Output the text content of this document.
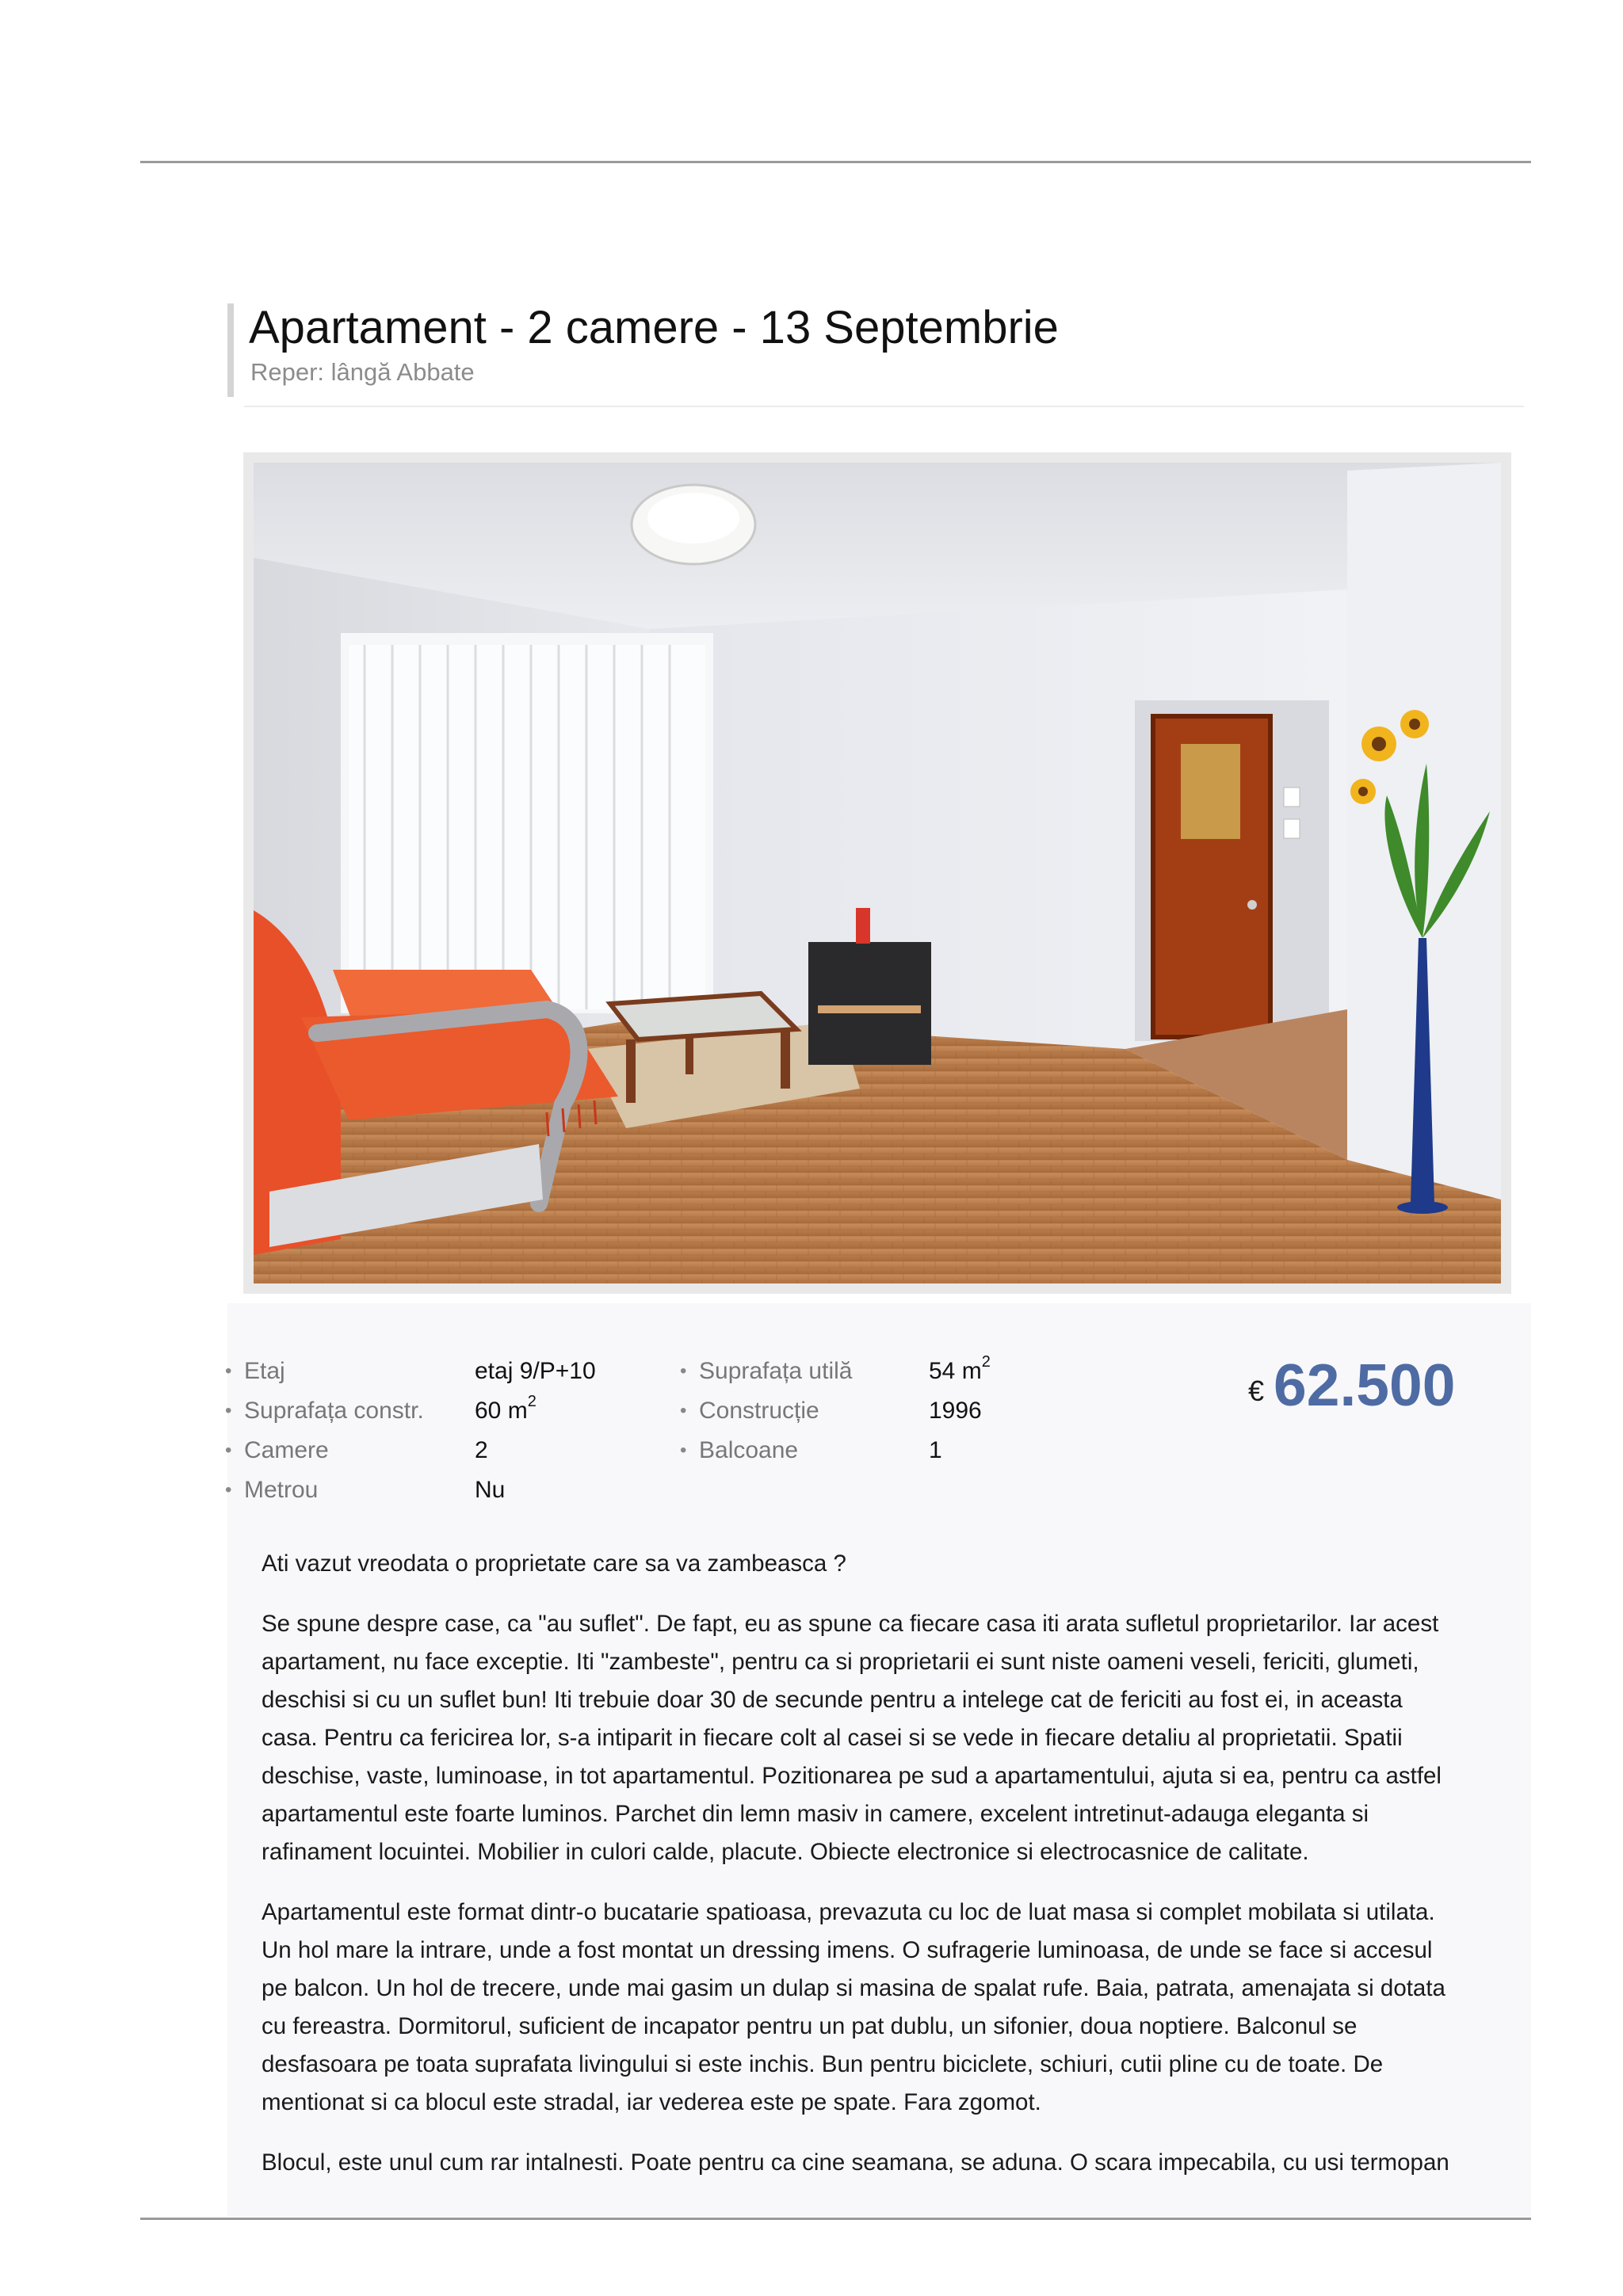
Apartament - 2 camere - 13 Septembrie
Reper: lângă Abbate
• Etaj	etaj 9/P+10
• Suprafața constr. 60 $m^2$
• Camere	2
• Metrou	Nu
• Suprafața utilă	54 $m^2$
• Construcție	1996
• Balcoane	1
€ 62.500

Ati vazut vreodata o proprietate care sa va zambeasca ?

Se spune despre case, ca "au suflet". De fapt, eu as spune ca fiecare casa iti arata sufletul proprietarilor. Iar acest
apartament, nu face exceptie. Iti "zambeste", pentru ca si proprietarii ei sunt niste oameni veseli, fericiti, glumeti,
deschisi si cu un suflet bun! Iti trebuie doar 30 de secunde pentru a intelege cat de fericiti au fost ei, in aceasta
casa. Pentru ca fericirea lor, s-a intiparit in fiecare colt al casei si se vede in fiecare detaliu al proprietatii. Spatii
deschise, vaste, luminoase, in tot apartamentul. Pozitionarea pe sud a apartamentului, ajuta si ea, pentru ca astfel
apartamentul este foarte luminos. Parchet din lemn masiv in camere, excelent intretinut-adauga eleganta si
rafinament locuintei. Mobilier in culori calde, placute. Obiecte electronice si electrocasnice de calitate.

Apartamentul este format dintr-o bucatarie spatioasa, prevazuta cu loc de luat masa si complet mobilata si utilata.
Un hol mare la intrare, unde a fost montat un dressing imens. O sufragerie luminoasa, de unde se face si accesul
pe balcon. Un hol de trecere, unde mai gasim un dulap si masina de spalat rufe. Baia, patrata, amenajata si dotata
cu fereastra. Dormitorul, suficient de incapator pentru un pat dublu, un sifonier, doua noptiere. Balconul se
desfasoara pe toata suprafata livingului si este inchis. Bun pentru biciclete, schiuri, cutii pline cu de toate. De
mentionat si ca blocul este stradal, iar vederea este pe spate. Fara zgomot.

Blocul, este unul cum rar intalnesti. Poate pentru ca cine seamana, se aduna. O scara impecabila, cu usi termopan
